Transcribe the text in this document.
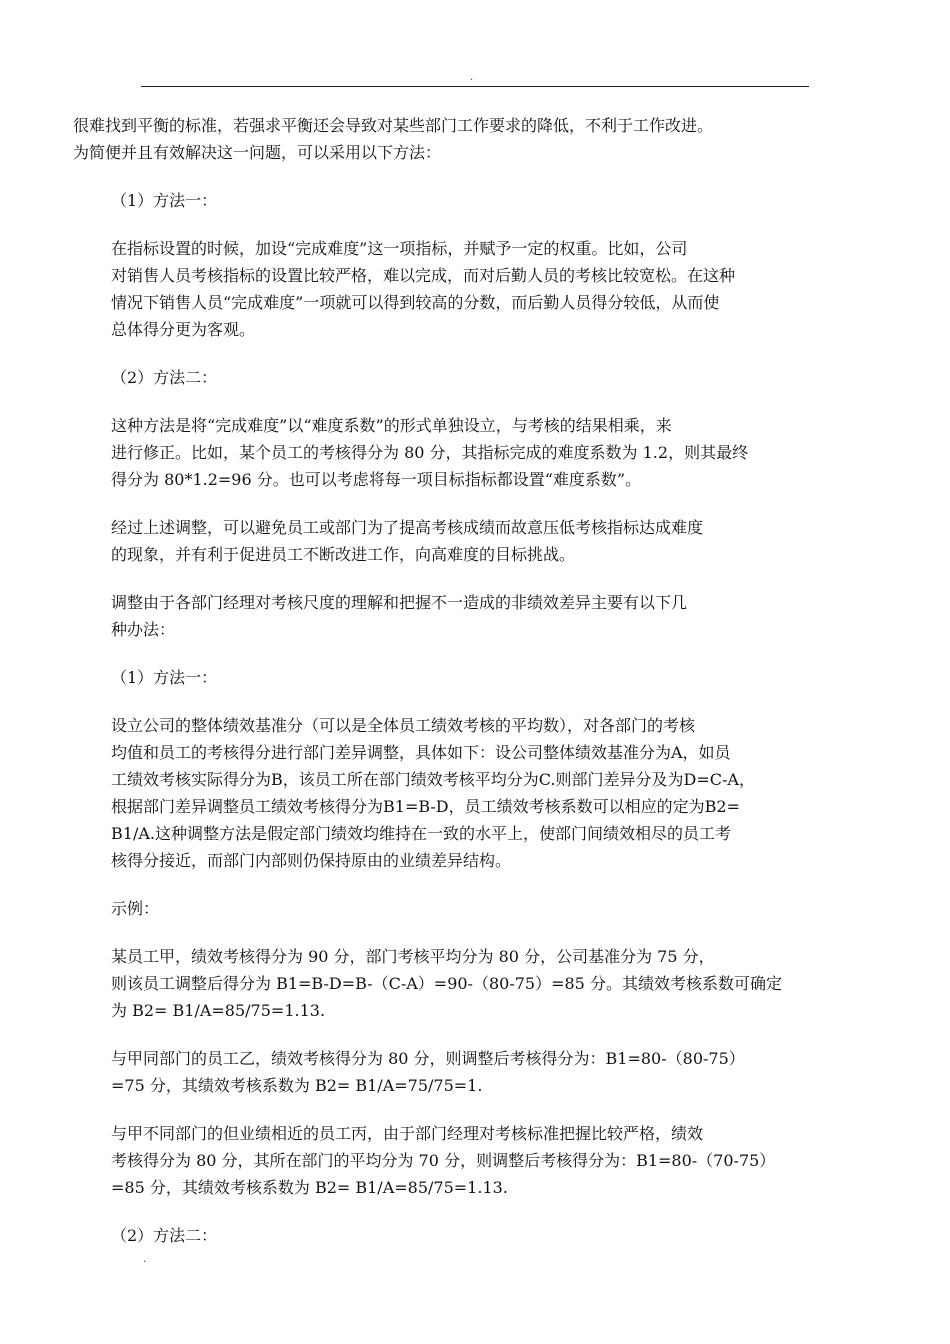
.
很难找到平衡的标准，若强求平衡还会导致对某些部门工作要求的降低，不利于工作改进。
为简便并且有效解决这一问题，可以采用以下方法：
（1）方法一：
在指标设置的时候，加设“完成难度”这一项指标，并赋予一定的权重。比如，公司
对销售人员考核指标的设置比较严格，难以完成，而对后勤人员的考核比较宽松。在这种
情况下销售人员“完成难度”一项就可以得到较高的分数，而后勤人员得分较低，从而使
总体得分更为客观。
（2）方法二：
这种方法是将“完成难度”以“难度系数”的形式单独设立，与考核的结果相乘，来
进行修正。比如，某个员工的考核得分为 80 分，其指标完成的难度系数为 1.2，则其最终
得分为 80*1.2=96 分。也可以考虑将每一项目标指标都设置“难度系数”。
经过上述调整，可以避免员工或部门为了提高考核成绩而故意压低考核指标达成难度
的现象，并有利于促进员工不断改进工作，向高难度的目标挑战。
调整由于各部门经理对考核尺度的理解和把握不一造成的非绩效差异主要有以下几
种办法：
（1）方法一：
设立公司的整体绩效基准分（可以是全体员工绩效考核的平均数），对各部门的考核
均值和员工的考核得分进行部门差异调整，具体如下：设公司整体绩效基准分为A，如员
工绩效考核实际得分为B，该员工所在部门绩效考核平均分为C.则部门差异分及为D=C-A，
根据部门差异调整员工绩效考核得分为B1=B-D，员工绩效考核系数可以相应的定为B2=
B1/A.这种调整方法是假定部门绩效均维持在一致的水平上，使部门间绩效相尽的员工考
核得分接近，而部门内部则仍保持原由的业绩差异结构。
示例：
某员工甲，绩效考核得分为 90 分，部门考核平均分为 80 分，公司基准分为 75 分，
则该员工调整后得分为 B1=B-D=B-（C-A）=90-（80-75）=85 分。其绩效考核系数可确定
为 B2= B1/A=85/75=1.13.
与甲同部门的员工乙，绩效考核得分为 80 分，则调整后考核得分为：B1=80-（80-75）
=75 分，其绩效考核系数为 B2= B1/A=75/75=1.
与甲不同部门的但业绩相近的员工丙，由于部门经理对考核标准把握比较严格，绩效
考核得分为 80 分，其所在部门的平均分为 70 分，则调整后考核得分为：B1=80-（70-75）
=85 分，其绩效考核系数为 B2= B1/A=85/75=1.13.
（2）方法二：
.
